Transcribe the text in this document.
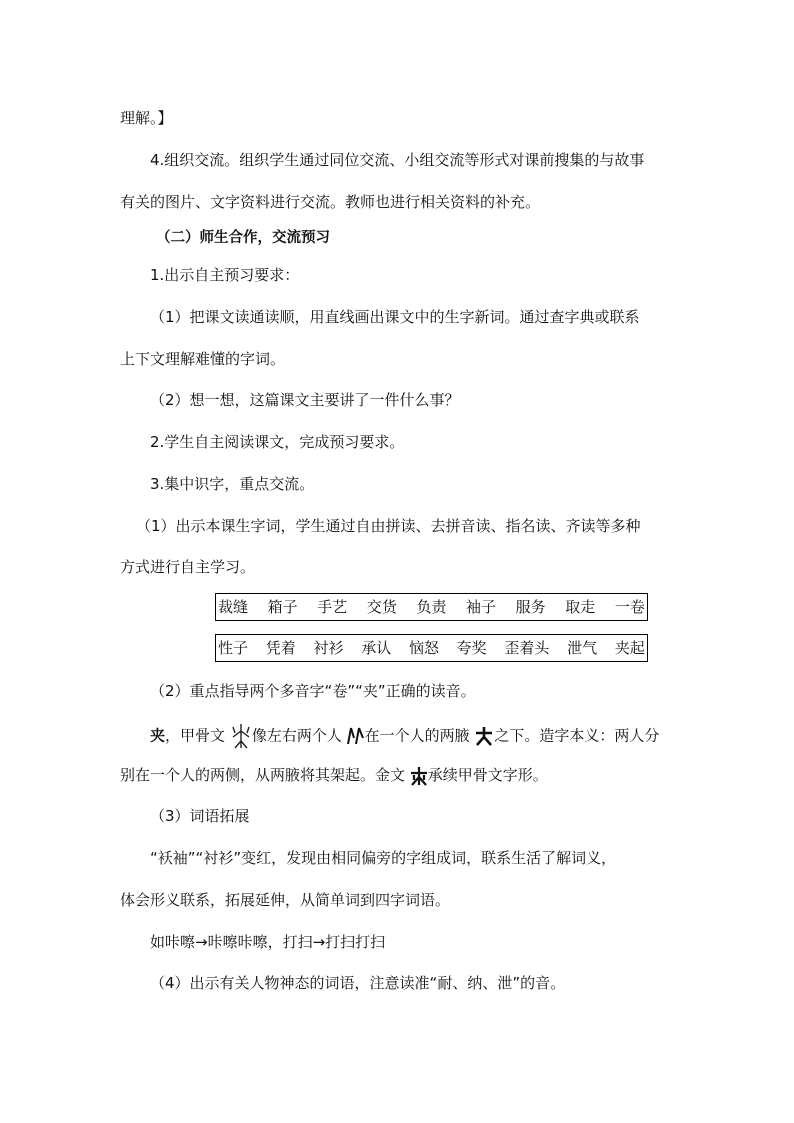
理解。】
4.组织交流。组织学生通过同位交流、小组交流等形式对课前搜集的与故事
有关的图片、文字资料进行交流。教师也进行相关资料的补充。
（二）师生合作，交流预习
1.出示自主预习要求：
（1）把课文读通读顺，用直线画出课文中的生字新词。通过查字典或联系
上下文理解难懂的字词。
（2）想一想，这篇课文主要讲了一件什么事？
2.学生自主阅读课文，完成预习要求。
3.集中识字，重点交流。
（1）出示本课生字词，学生通过自由拼读、去拼音读、指名读、齐读等多种
方式进行自主学习。
裁缝 箱子 手艺 交货 负责 袖子 服务 取走 一卷
性子 凭着 衬衫 承认 恼怒 夸奖 歪着头 泄气 夹起
（2）重点指导两个多音字“卷”“夹”正确的读音。
夹，甲骨文 像左右两个人 在一个人的两腋 之下。造字本义：两人分
别在一个人的两侧，从两腋将其架起。金文 承续甲骨文字形。
（3）词语拓展
“袄袖”“衬衫”变红，发现由相同偏旁的字组成词，联系生活了解词义，
体会形义联系，拓展延伸，从简单词到四字词语。
如咔嚓→咔嚓咔嚓，打扫→打扫打扫
（4）出示有关人物神态的词语，注意读准“耐、纳、泄”的音。
